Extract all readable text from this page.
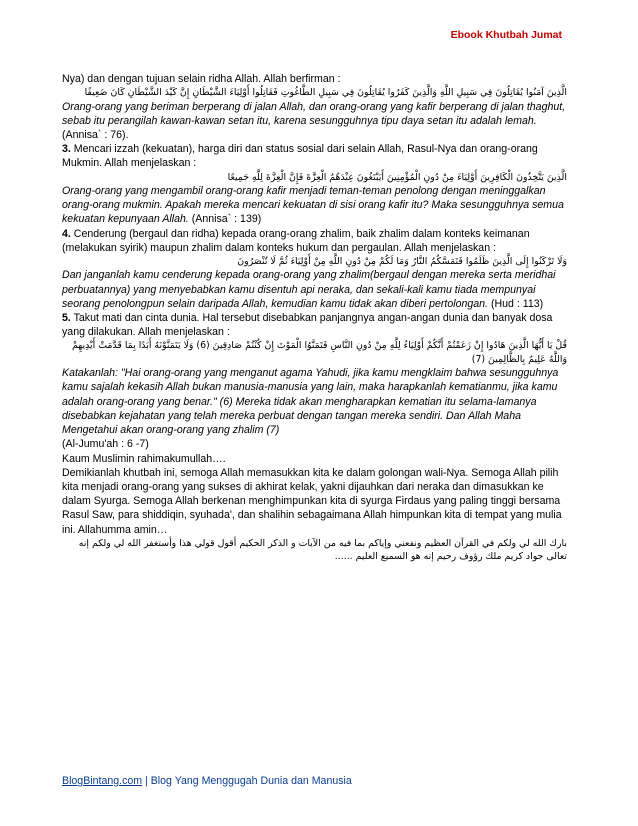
Ebook Khutbah Jumat

Nya) dan dengan tujuan selain ridha Allah. Allah berfirman :

الَّذِينَ آمَنُوا يُقَاتِلُونَ فِي سَبِيلِ اللَّهِ وَالَّذِينَ كَفَرُوا يُقَاتِلُونَ فِي سَبِيلِ الطَّاغُوتِ فَقَاتِلُوا أَوْلِيَاءَ الشَّيْطَانِ إِنَّ كَيْدَ الشَّيْطَانِ كَانَ ضَعِيفًا

Orang-orang yang beriman berperang di jalan Allah, dan orang-orang yang kafir berperang di jalan thaghut, sebab itu perangilah kawan-kawan setan itu, karena sesungguhnya tipu daya setan itu adalah lemah. (Annisa` : 76).

3. Mencari izzah (kekuatan), harga diri dan status sosial dari selain Allah, Rasul-Nya dan orang-orang Mukmin. Allah menjelaskan :

الَّذِينَ يَتَّخِذُونَ الْكَافِرِينَ أَوْلِيَاءَ مِنْ دُونِ الْمُؤْمِنِينَ أَيَبْتَغُونَ عِنْدَهُمُ الْعِزَّةَ فَإِنَّ الْعِزَّةَ لِلَّهِ جَمِيعًا

Orang-orang yang mengambil orang-orang kafir menjadi teman-teman penolong dengan meninggalkan orang-orang mukmin. Apakah mereka mencari kekuatan di sisi orang kafir itu? Maka sesungguhnya semua kekuatan kepunyaan Allah. (Annisa` : 139)

4. Cenderung (bergaul dan ridha) kepada orang-orang zhalim, baik zhalim dalam konteks keimanan (melakukan syirik) maupun zhalim dalam konteks hukum dan pergaulan. Allah menjelaskan :

وَلَا تَرْكَنُوا إِلَى الَّذِينَ ظَلَمُوا فَتَمَسَّكُمُ النَّارُ وَمَا لَكُمْ مِنْ دُونِ اللَّهِ مِنْ أَوْلِيَاءَ ثُمَّ لَا تُنْصَرُونَ

Dan janganlah kamu cenderung kepada orang-orang yang zhalim(bergaul dengan mereka serta meridhai perbuatannya) yang menyebabkan kamu disentuh api neraka, dan sekali-kali kamu tiada mempunyai seorang penolongpun selain daripada Allah, kemudian kamu tidak akan diberi pertolongan. (Hud : 113)

5. Takut mati dan cinta dunia. Hal tersebut disebabkan panjangnya angan-angan dunia dan banyak dosa yang dilakukan. Allah menjelaskan :

قُلْ يَا أَيُّهَا الَّذِينَ هَادُوا إِنْ زَعَمْتُمْ أَنَّكُمْ أَوْلِيَاءُ لِلَّهِ مِنْ دُونِ النَّاسِ فَتَمَنَّوُا الْمَوْتَ إِنْ كُنْتُمْ صَادِقِينَ (6) وَلَا يَتَمَنَّوْنَهُ أَبَدًا بِمَا قَدَّمَتْ أَيْدِيهِمْ وَاللَّهُ عَلِيمٌ بِالظَّالِمِينَ (7)

Katakanlah: "Hai orang-orang yang menganut agama Yahudi, jika kamu mengklaim bahwa sesungguhnya kamu sajalah kekasih Allah bukan manusia-manusia yang lain, maka harapkanlah kematianmu, jika kamu adalah orang-orang yang benar." (6) Mereka tidak akan mengharapkan kematian itu selama-lamanya disebabkan kejahatan yang telah mereka perbuat dengan tangan mereka sendiri. Dan Allah Maha Mengetahui akan orang-orang yang zhalim (7)

(Al-Jumu'ah : 6 -7)

Kaum Muslimin rahimakumullah….

Demikianlah khutbah ini, semoga Allah memasukkan kita ke dalam golongan wali-Nya. Semoga Allah pilih kita menjadi orang-orang yang sukses di akhirat kelak, yakni dijauhkan dari neraka dan dimasukkan ke dalam Syurga. Semoga Allah berkenan menghimpunkan kita di syurga Firdaus yang paling tinggi bersama Rasul Saw, para shiddiqin, syuhada', dan shalihin sebagaimana Allah himpunkan kita di tempat yang mulia ini. Allahumma amin…

بارك الله لي ولكم في القرآن العظيم ونفعني وإياكم بما فيه من الآيات و الذكر الحكيم أقول قولي هذا وأستغفر الله لي ولكم إنه تعالى جواد كريم ملك رؤوف رحيم إنه هو السميع العليم ......

BlogBintang.com | Blog Yang Menggugah Dunia dan Manusia
